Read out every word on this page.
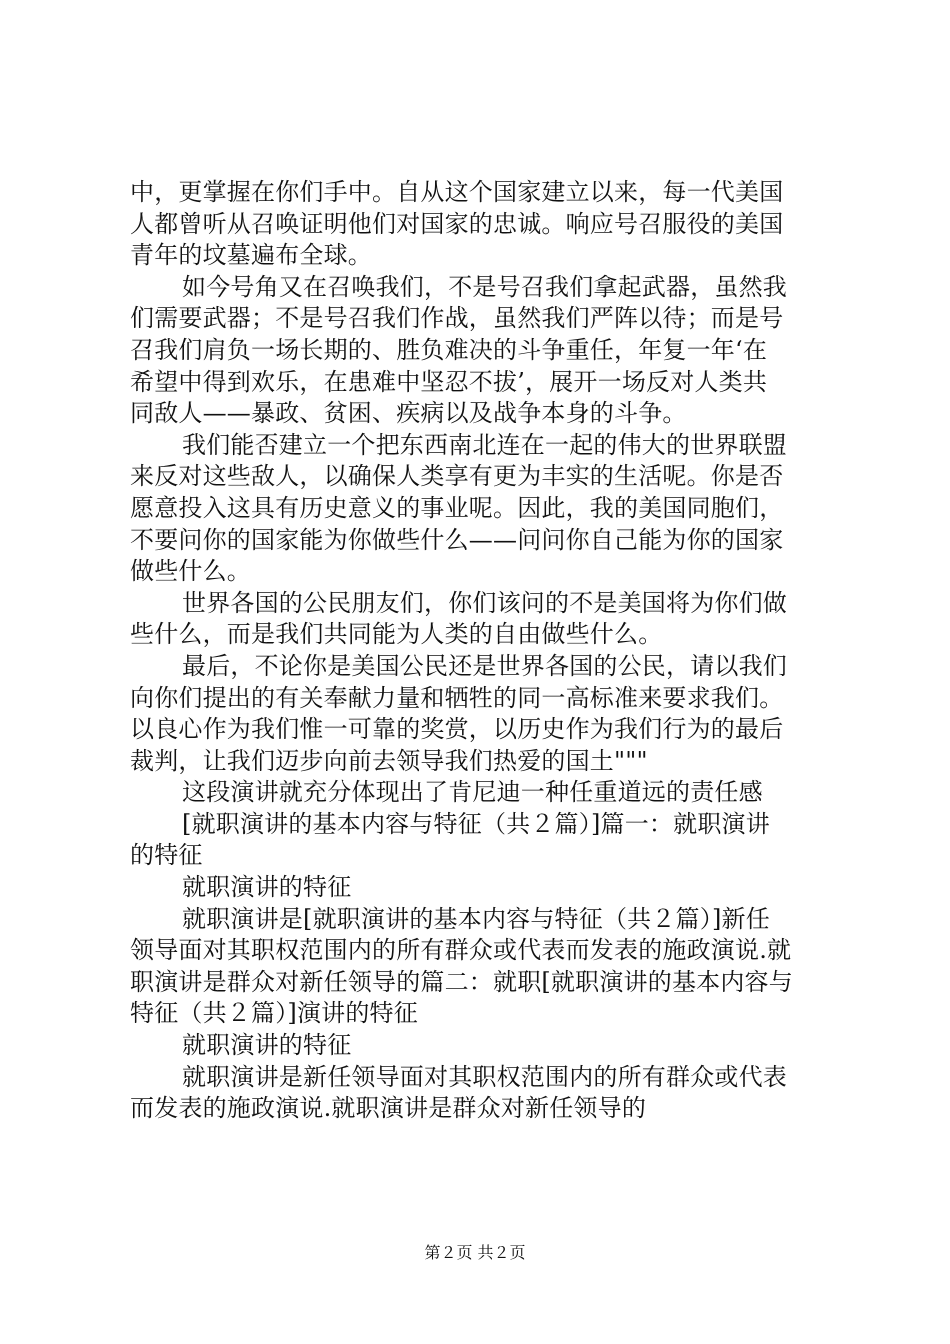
中，更掌握在你们手中。自从这个国家建立以来，每一代美国
人都曾听从召唤证明他们对国家的忠诚。响应号召服役的美国
青年的坟墓遍布全球。
如今号角又在召唤我们，不是号召我们拿起武器，虽然我
们需要武器；不是号召我们作战，虽然我们严阵以待；而是号
召我们肩负一场长期的、胜负难决的斗争重任，年复一年‘在
希望中得到欢乐，在患难中坚忍不拔’，展开一场反对人类共
同敌人——暴政、贫困、疾病以及战争本身的斗争。
我们能否建立一个把东西南北连在一起的伟大的世界联盟
来反对这些敌人，以确保人类享有更为丰实的生活呢。你是否
愿意投入这具有历史意义的事业呢。因此，我的美国同胞们，
不要问你的国家能为你做些什么——问问你自己能为你的国家
做些什么。
世界各国的公民朋友们，你们该问的不是美国将为你们做
些什么，而是我们共同能为人类的自由做些什么。
最后，不论你是美国公民还是世界各国的公民，请以我们
向你们提出的有关奉献力量和牺牲的同一高标准来要求我们。
以良心作为我们惟一可靠的奖赏，以历史作为我们行为的最后
裁判，让我们迈步向前去领导我们热爱的国土"""
这段演讲就充分体现出了肯尼迪一种任重道远的责任感
[就职演讲的基本内容与特征（共２篇）]篇一：就职演讲
的特征
就职演讲的特征
就职演讲是[就职演讲的基本内容与特征（共２篇）]新任
领导面对其职权范围内的所有群众或代表而发表的施政演说.就
职演讲是群众对新任领导的篇二：就职[就职演讲的基本内容与
特征（共２篇）]演讲的特征
就职演讲的特征
就职演讲是新任领导面对其职权范围内的所有群众或代表
而发表的施政演说.就职演讲是群众对新任领导的
第２页 共２页
